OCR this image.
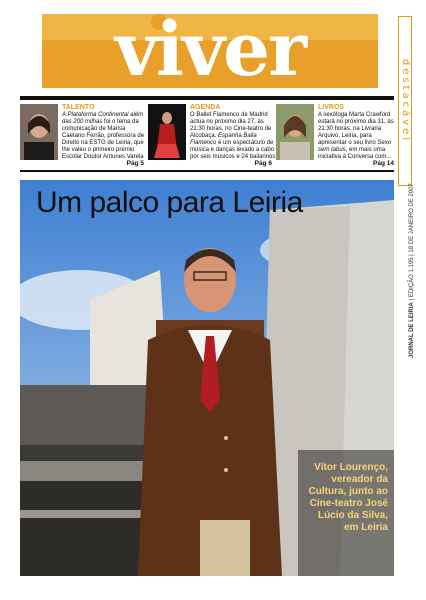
viver
destacável
JORNAL DE LEIRIA | EDIÇÃO 1.195 | 18 DE JANEIRO DE 2007
TALENTO
A Plataforma Continental além das 200 milhas foi o tema da comunicação de Marisa Caetano Ferrão, professora de Direito na ESTG de Leiria, que lhe valeu o primeiro prémio Escolar Doutor Antunes Varela
Pág 5
AGENDA
O Ballet Flamenco de Madrid actua no próximo dia 27, às 21:30 horas, no Cine-teatro de Alcobaça. Espanha Baila Flamenco é um espectáculo de música e danças levado a cabo por seis músicos e 24 bailarinos
Pág 6
LIVROS
A sexóloga Marta Crawford estará no próximo dia 31, às 21:30 horas, na Livraria Arquivo, Leiria, para apresentar o seu livro Sexo sem tabus, em mais uma iniciativa à Conversa com...
Pág 14
Um palco para Leiria
Vítor Lourenço, vereador da Cultura, junto ao Cine-teatro José Lúcio da Silva, em Leiria
